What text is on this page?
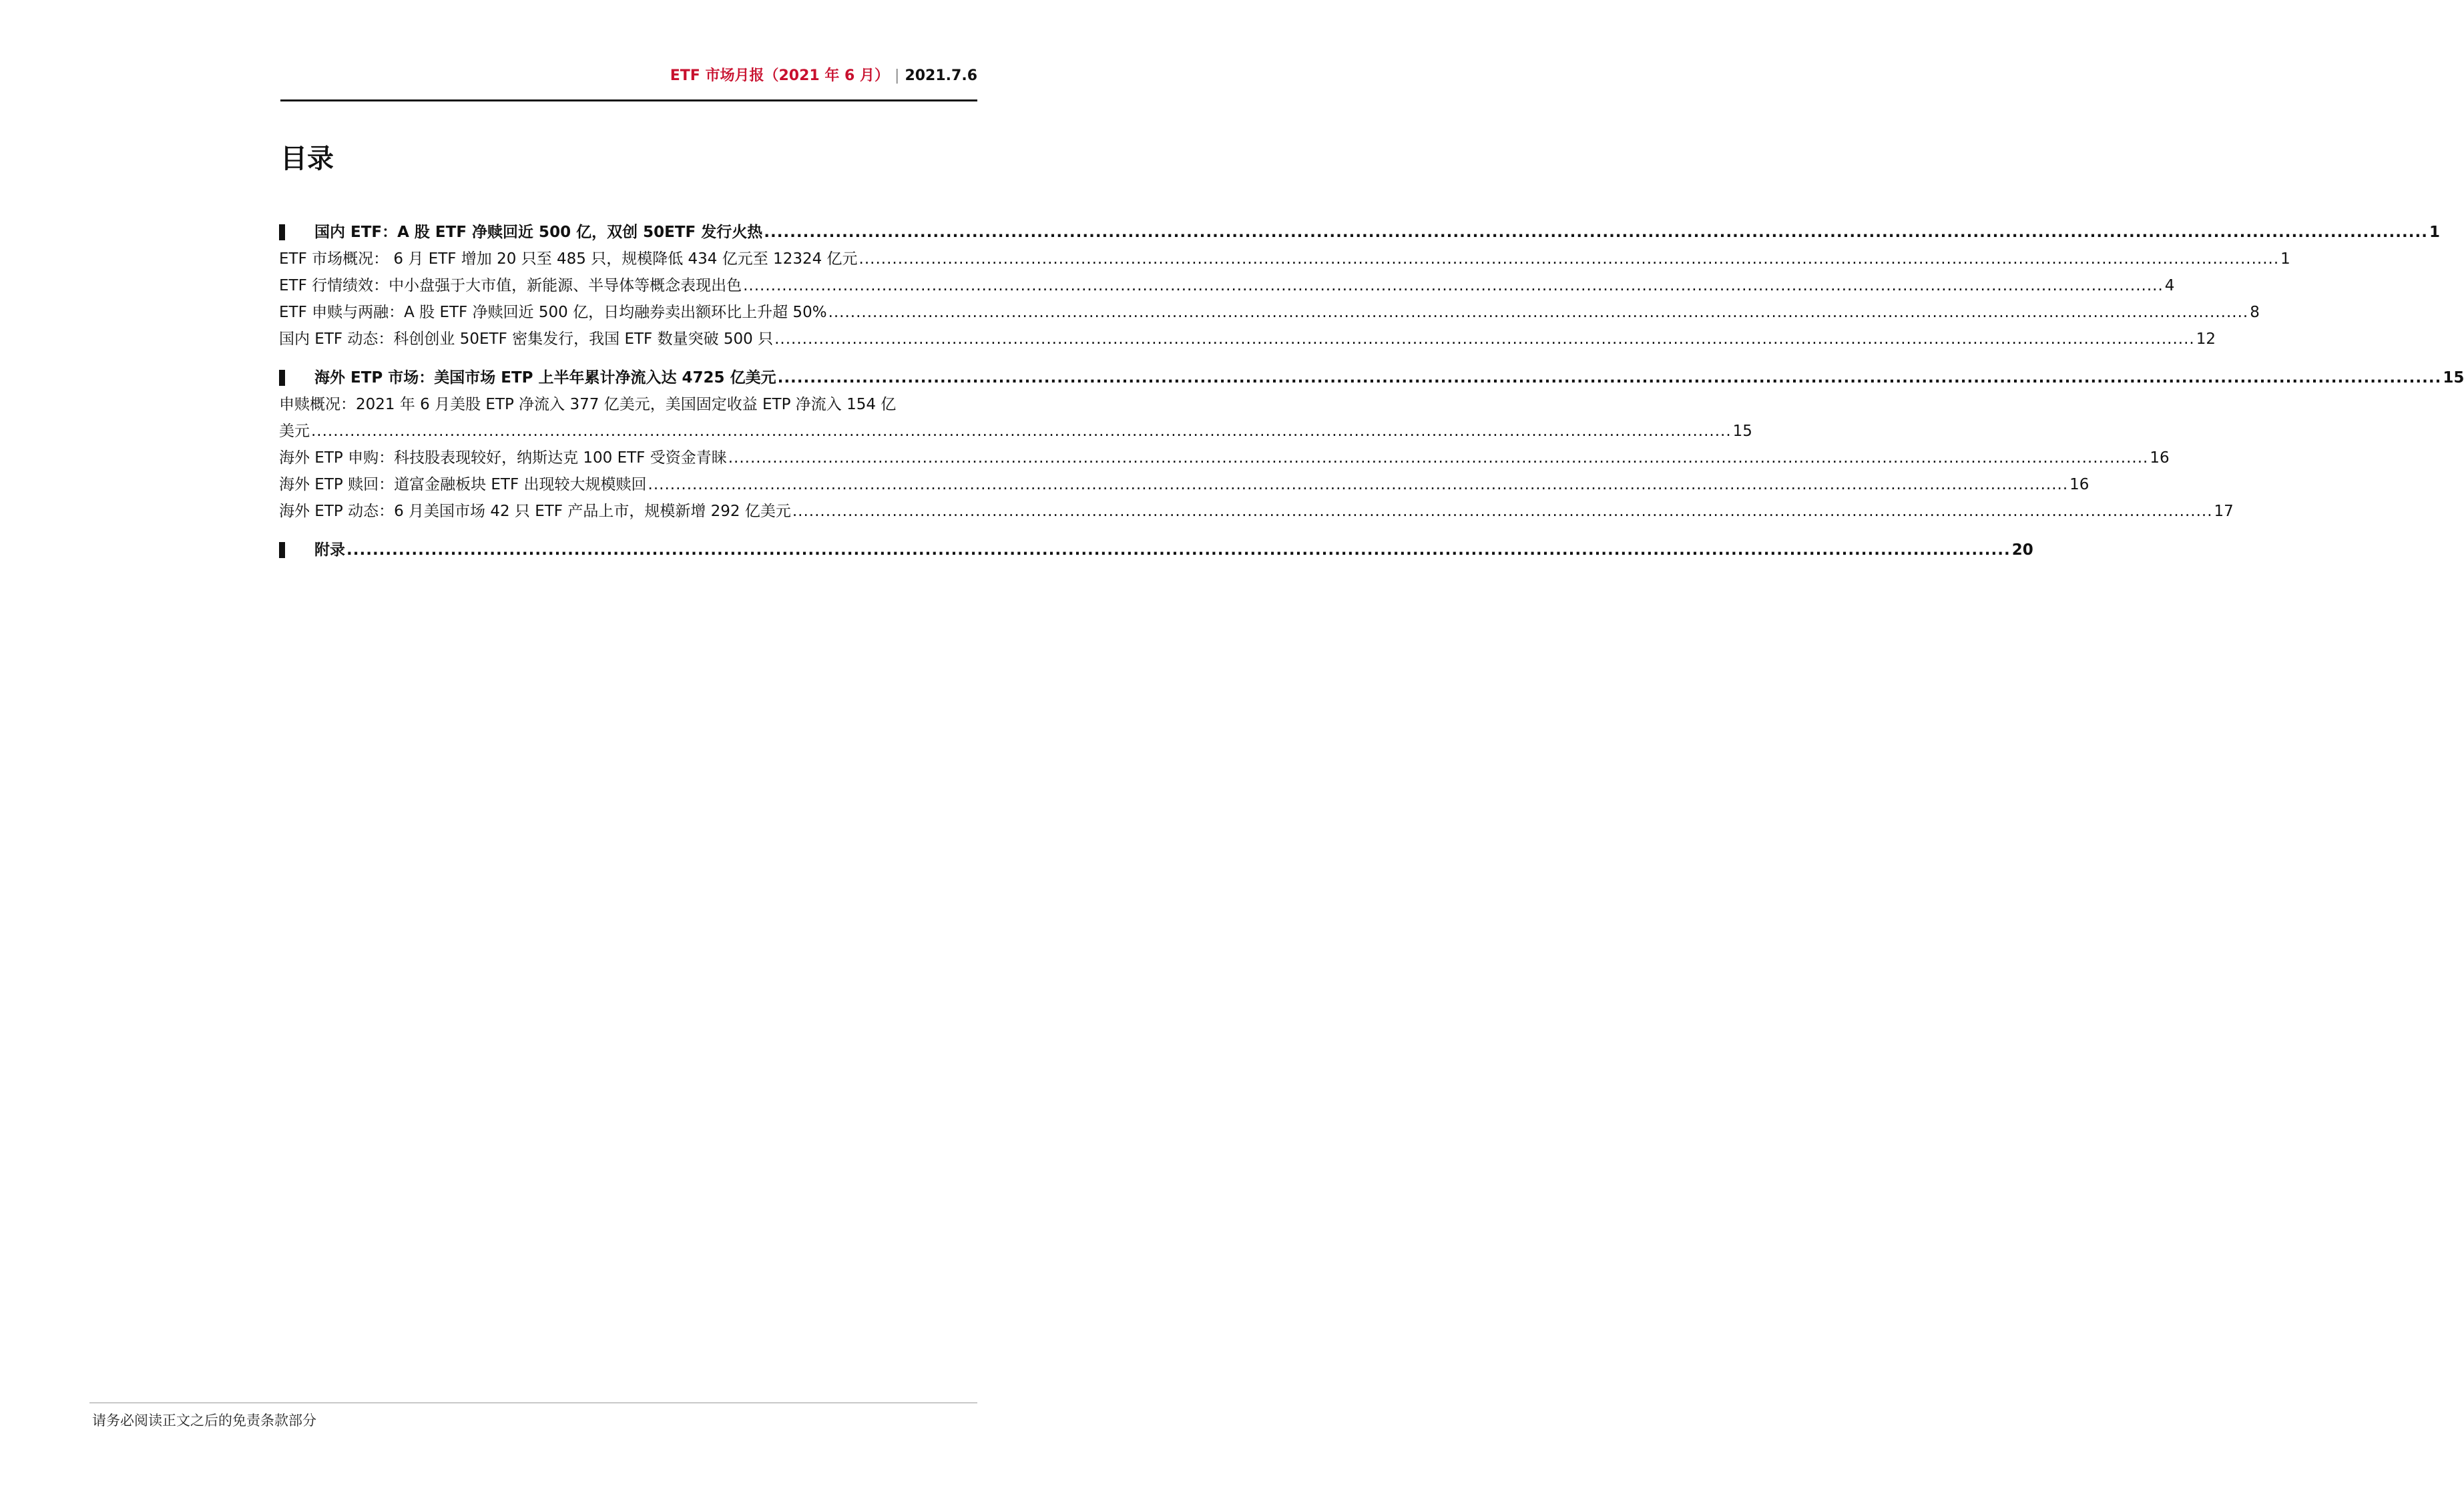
ETF 市场月报（2021 年 6 月） | 2021.7.6
目录
国内 ETF：A 股 ETF 净赎回近 500 亿，双创 50ETF 发行火热 .....	1
ETF 市场概况： 6 月 ETF 增加 20 只至 485 只，规模降低 434 亿元至 12324 亿元 .....	1
ETF 行情绩效：中小盘强于大市值，新能源、半导体等概念表现出色 .....	4
ETF 申赎与两融：A 股 ETF 净赎回近 500 亿，日均融券卖出额环比上升超 50% .....	8
国内 ETF 动态：科创创业 50ETF 密集发行，我国 ETF 数量突破 500 只 .....	12
海外 ETP 市场：美国市场 ETP 上半年累计净流入达 4725 亿美元 .....	15
申赎概况：2021 年 6 月美股 ETP 净流入 377 亿美元，美国固定收益 ETP 净流入 154 亿
美元 .....	15
海外 ETP 申购：科技股表现较好，纳斯达克 100 ETF 受资金青睐 .....	16
海外 ETP 赎回：道富金融板块 ETF 出现较大规模赎回 .....	16
海外 ETP 动态：6 月美国市场 42 只 ETF 产品上市，规模新增 292 亿美元 .....	17
附录 .....	20
请务必阅读正文之后的免责条款部分
